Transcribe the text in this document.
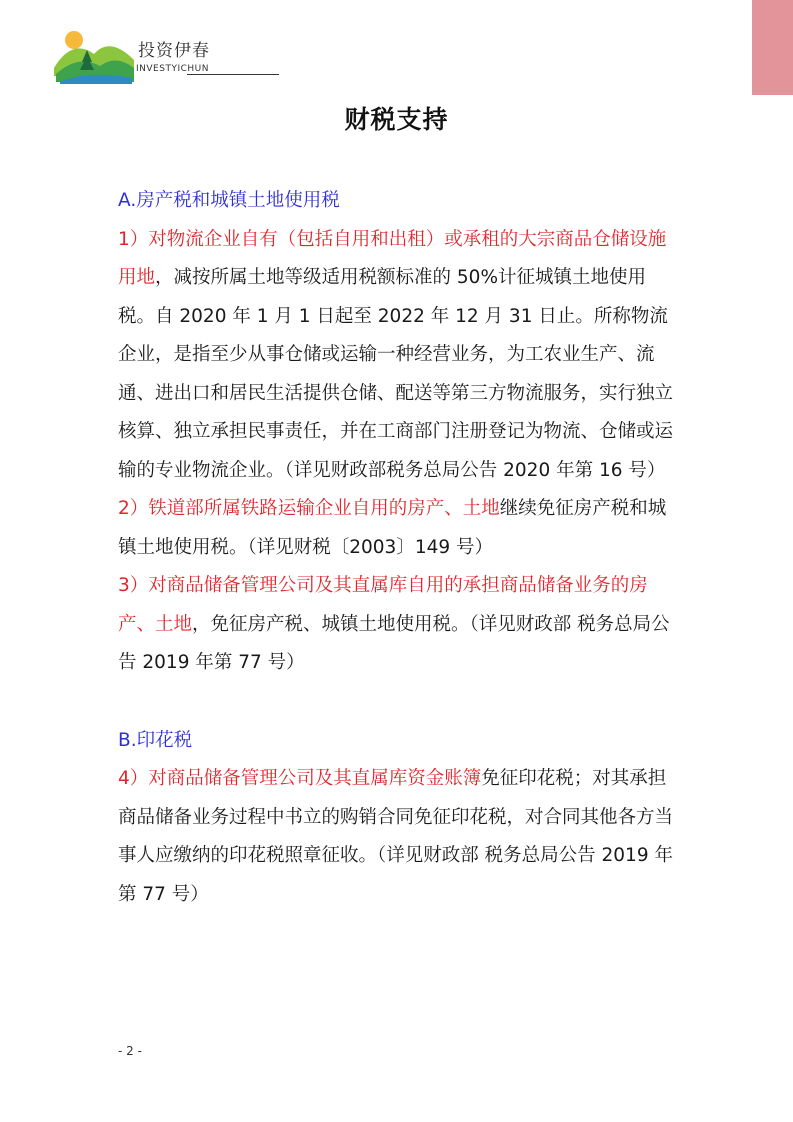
投资伊春
INVESTYICHUN
财税支持

A.房产税和城镇土地使用税

1）对物流企业自有（包括自用和出租）或承租的大宗商品仓储设施用地，减按所属土地等级适用税额标准的 50%计征城镇土地使用税。自 2020 年 1 月 1 日起至 2022 年 12 月 31 日止。所称物流企业，是指至少从事仓储或运输一种经营业务，为工农业生产、流通、进出口和居民生活提供仓储、配送等第三方物流服务，实行独立核算、独立承担民事责任，并在工商部门注册登记为物流、仓储或运输的专业物流企业。（详见财政部税务总局公告 2020 年第 16 号）

2）铁道部所属铁路运输企业自用的房产、土地继续免征房产税和城镇土地使用税。（详见财税〔2003〕149 号）

3）对商品储备管理公司及其直属库自用的承担商品储备业务的房产、土地，免征房产税、城镇土地使用税。（详见财政部 税务总局公告 2019 年第 77 号）

B.印花税

4）对商品储备管理公司及其直属库资金账簿免征印花税；对其承担商品储备业务过程中书立的购销合同免征印花税，对合同其他各方当事人应缴纳的印花税照章征收。（详见财政部 税务总局公告 2019 年第 77 号）

- 2 -
